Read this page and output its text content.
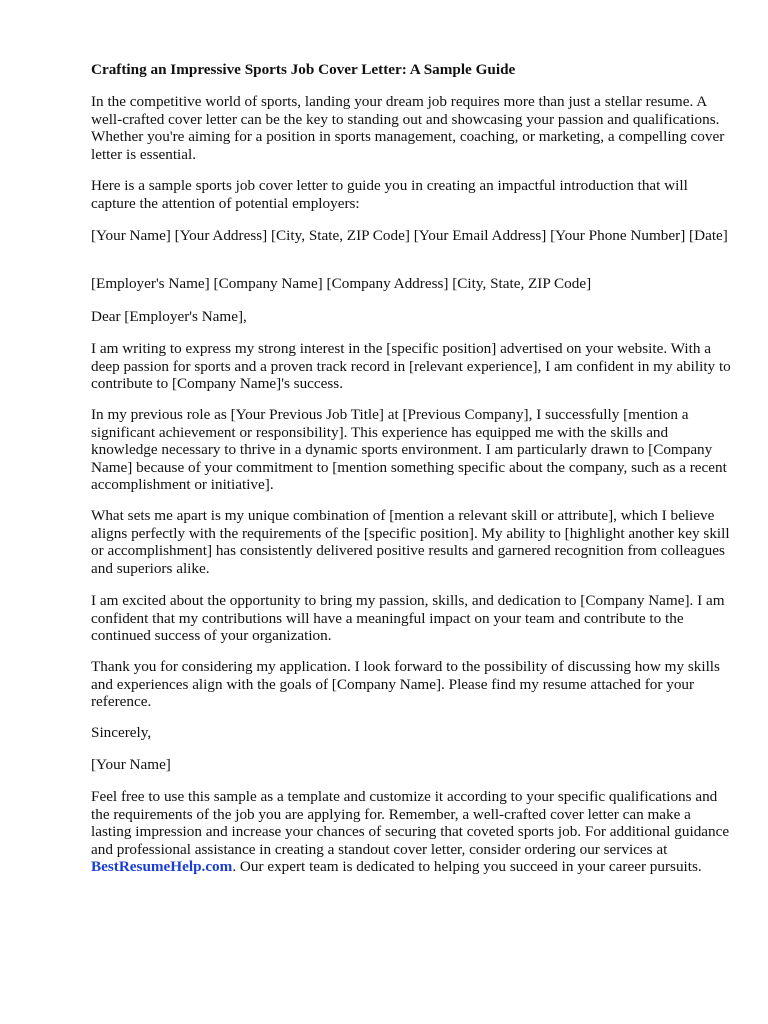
Crafting an Impressive Sports Job Cover Letter: A Sample Guide

In the competitive world of sports, landing your dream job requires more than just a stellar resume. A well-crafted cover letter can be the key to standing out and showcasing your passion and qualifications. Whether you're aiming for a position in sports management, coaching, or marketing, a compelling cover letter is essential.

Here is a sample sports job cover letter to guide you in creating an impactful introduction that will capture the attention of potential employers:

[Your Name] [Your Address] [City, State, ZIP Code] [Your Email Address] [Your Phone Number] [Date]

[Employer's Name] [Company Name] [Company Address] [City, State, ZIP Code]

Dear [Employer's Name],

I am writing to express my strong interest in the [specific position] advertised on your website. With a deep passion for sports and a proven track record in [relevant experience], I am confident in my ability to contribute to [Company Name]'s success.

In my previous role as [Your Previous Job Title] at [Previous Company], I successfully [mention a significant achievement or responsibility]. This experience has equipped me with the skills and knowledge necessary to thrive in a dynamic sports environment. I am particularly drawn to [Company Name] because of your commitment to [mention something specific about the company, such as a recent accomplishment or initiative].

What sets me apart is my unique combination of [mention a relevant skill or attribute], which I believe aligns perfectly with the requirements of the [specific position]. My ability to [highlight another key skill or accomplishment] has consistently delivered positive results and garnered recognition from colleagues and superiors alike.

I am excited about the opportunity to bring my passion, skills, and dedication to [Company Name]. I am confident that my contributions will have a meaningful impact on your team and contribute to the continued success of your organization.

Thank you for considering my application. I look forward to the possibility of discussing how my skills and experiences align with the goals of [Company Name]. Please find my resume attached for your reference.

Sincerely,

[Your Name]

Feel free to use this sample as a template and customize it according to your specific qualifications and the requirements of the job you are applying for. Remember, a well-crafted cover letter can make a lasting impression and increase your chances of securing that coveted sports job. For additional guidance and professional assistance in creating a standout cover letter, consider ordering our services at BestResumeHelp.com. Our expert team is dedicated to helping you succeed in your career pursuits.
